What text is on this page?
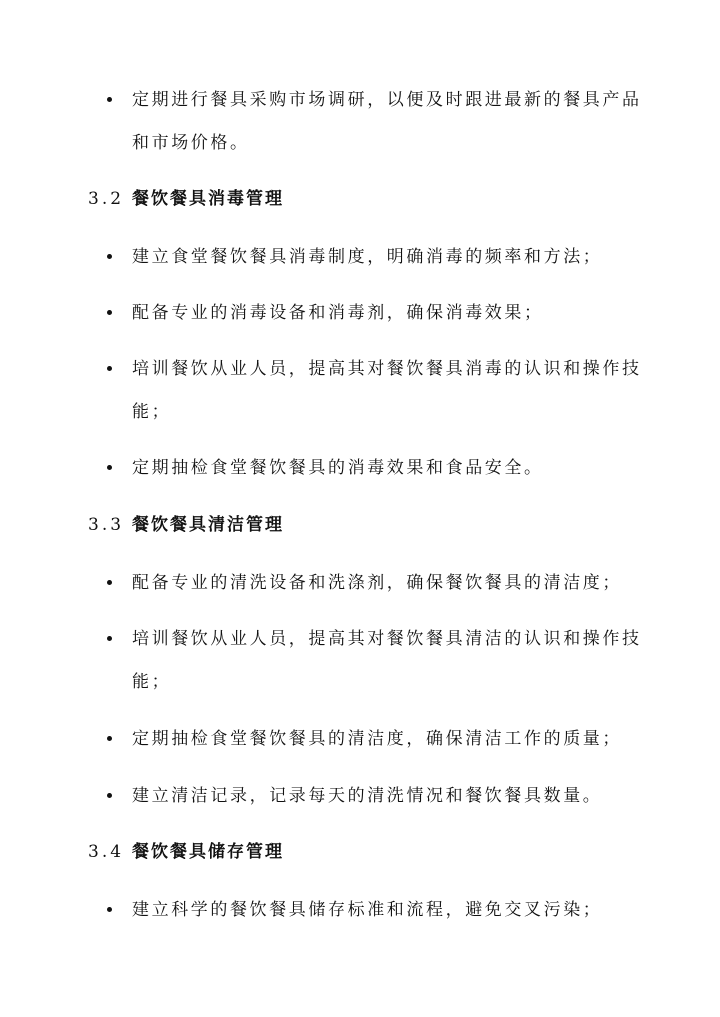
定期进行餐具采购市场调研，以便及时跟进最新的餐具产品
和市场价格。
3.2 餐饮餐具消毒管理
建立食堂餐饮餐具消毒制度，明确消毒的频率和方法；
配备专业的消毒设备和消毒剂，确保消毒效果；
培训餐饮从业人员，提高其对餐饮餐具消毒的认识和操作技
能；
定期抽检食堂餐饮餐具的消毒效果和食品安全。
3.3 餐饮餐具清洁管理
配备专业的清洗设备和洗涤剂，确保餐饮餐具的清洁度；
培训餐饮从业人员，提高其对餐饮餐具清洁的认识和操作技
能；
定期抽检食堂餐饮餐具的清洁度，确保清洁工作的质量；
建立清洁记录，记录每天的清洗情况和餐饮餐具数量。
3.4 餐饮餐具储存管理
建立科学的餐饮餐具储存标准和流程，避免交叉污染；
